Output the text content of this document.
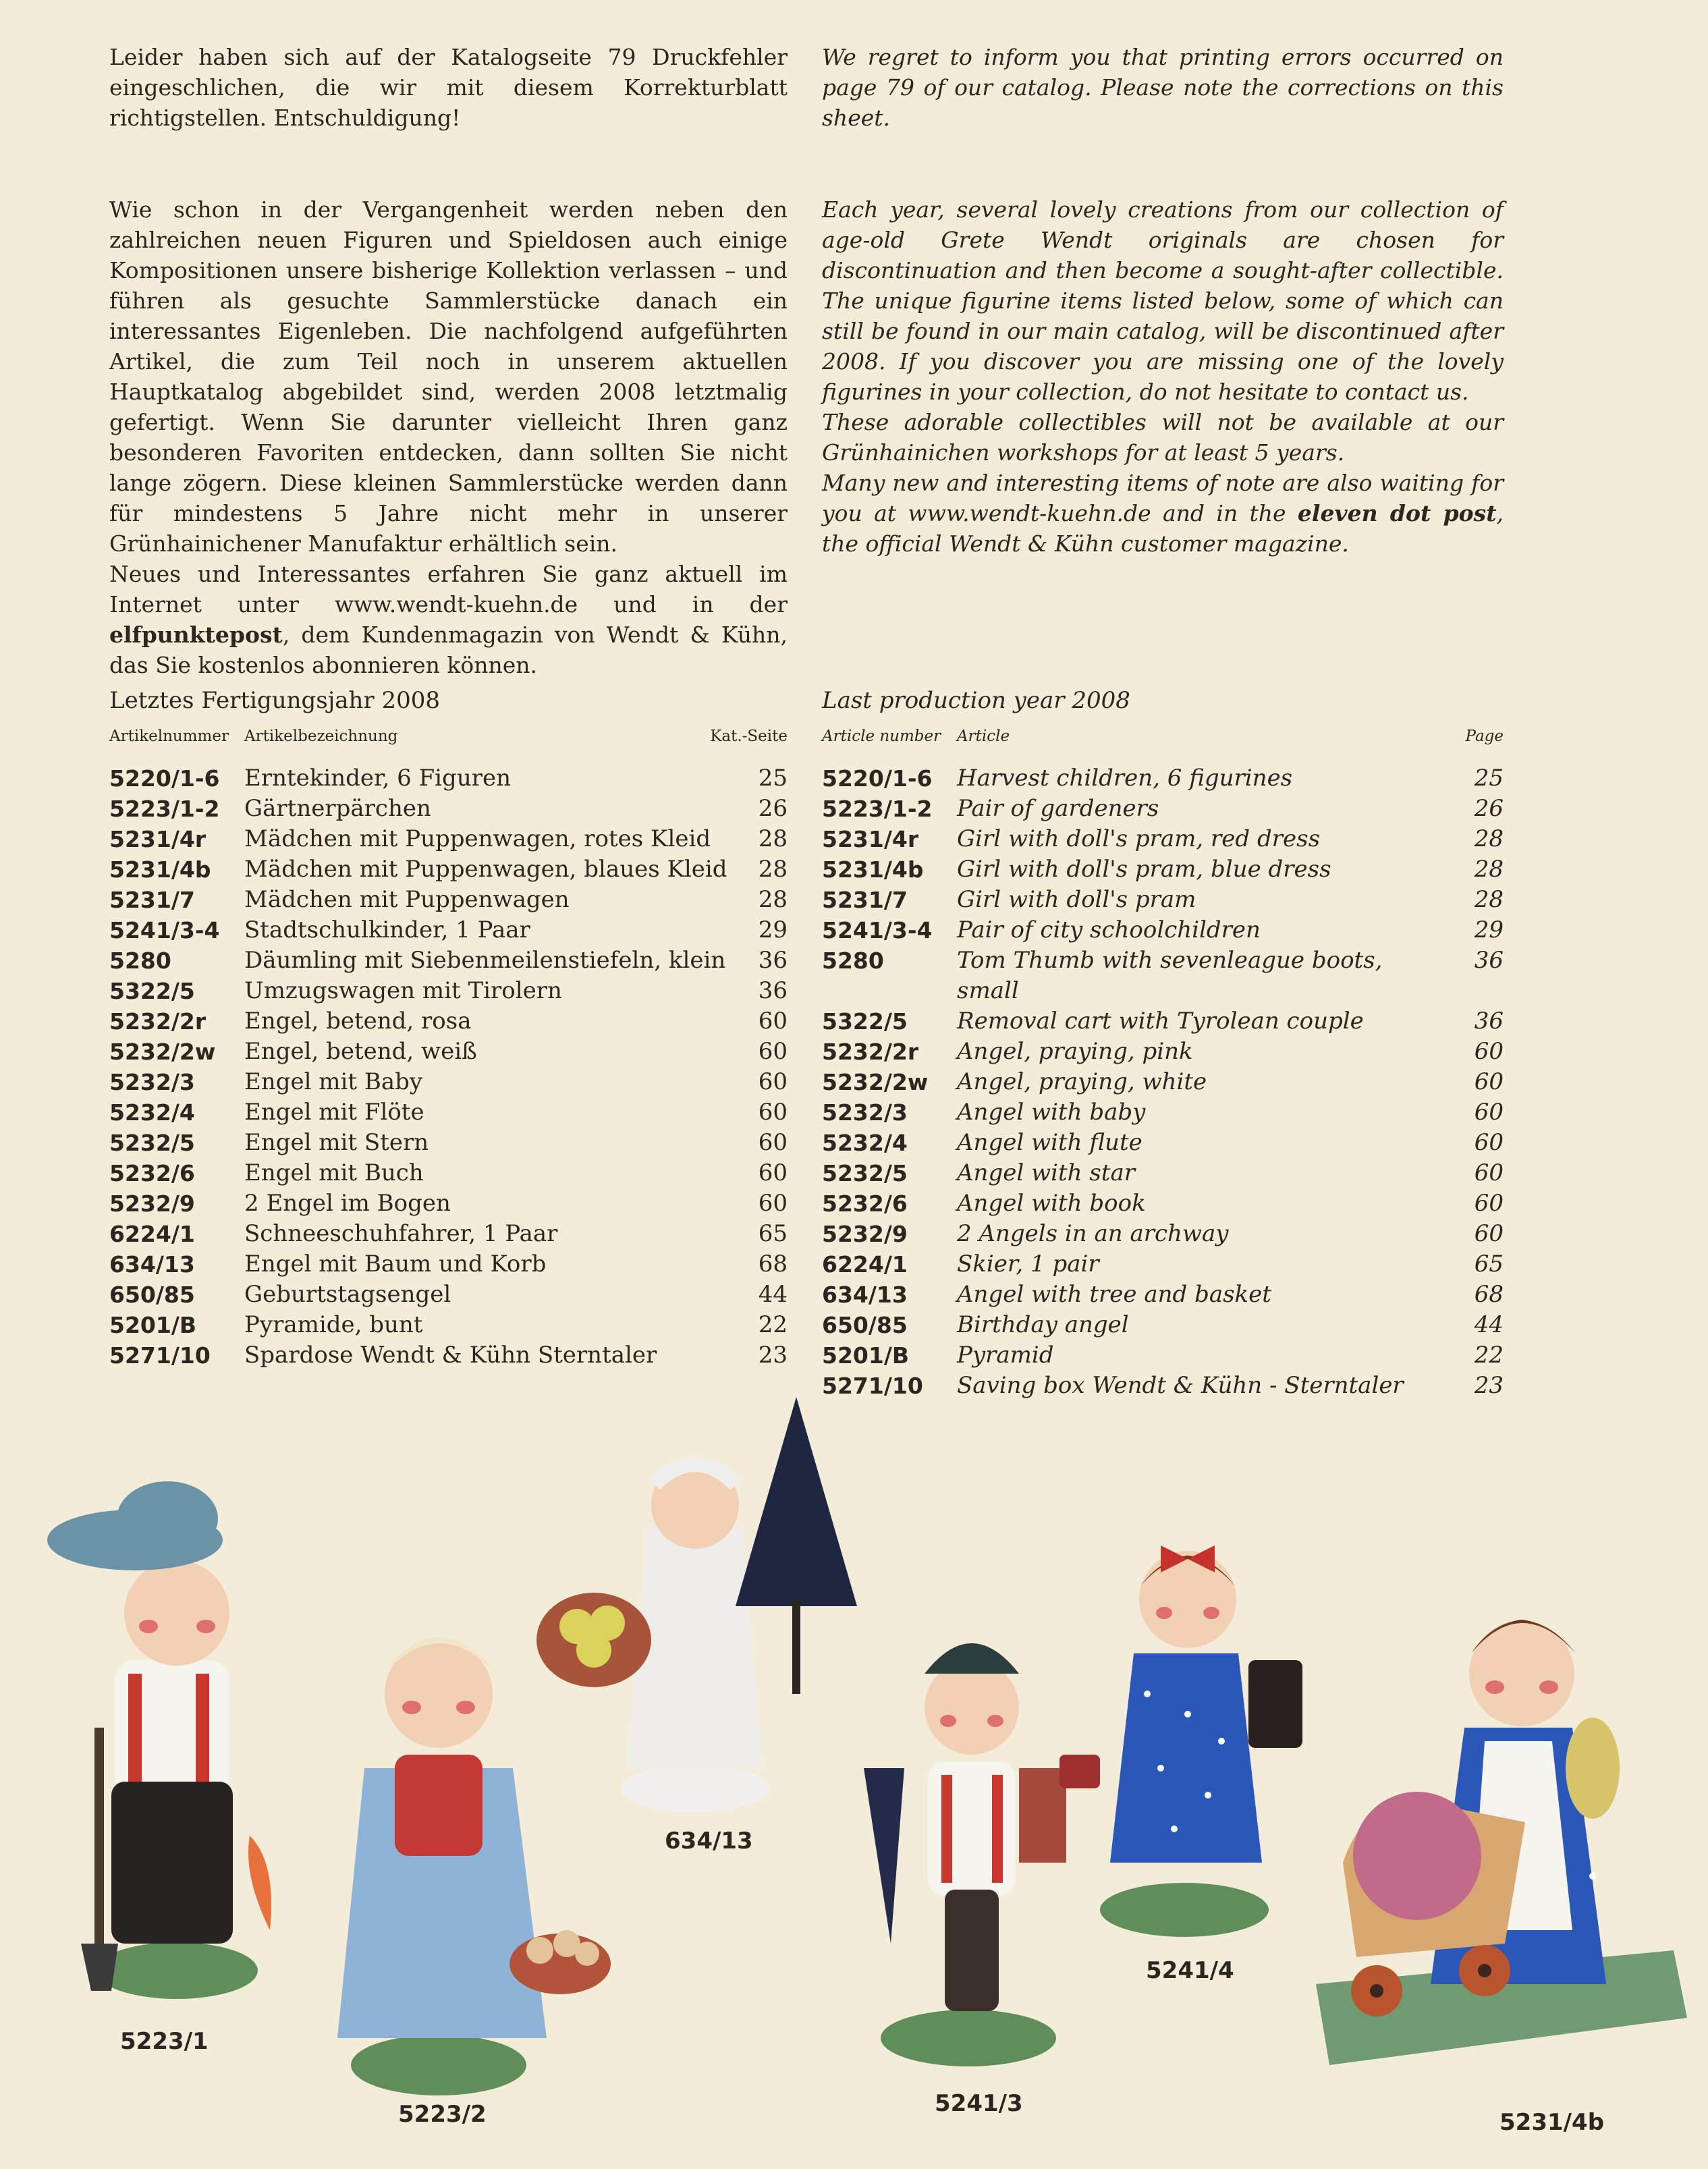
Leider haben sich auf der Katalogseite 79 Druckfehler eingeschlichen, die wir mit diesem Korrekturblatt richtigstellen. Entschuldigung!

We regret to inform you that printing errors occurred on page 79 of our catalog. Please note the corrections on this sheet.

Wie schon in der Vergangenheit werden neben den zahlreichen neuen Figuren und Spieldosen auch einige Kompositionen unsere bisherige Kollektion verlassen – und führen als gesuchte Sammlerstücke danach ein interessantes Eigenleben. Die nachfolgend aufgeführten Artikel, die zum Teil noch in unserem aktuellen Hauptkatalog abgebildet sind, werden 2008 letztmalig gefertigt. Wenn Sie darunter vielleicht Ihren ganz besonderen Favoriten entdecken, dann sollten Sie nicht lange zögern. Diese kleinen Sammlerstücke werden dann für mindestens 5 Jahre nicht mehr in unserer Grünhainichener Manufaktur erhältlich sein.

Neues und Interessantes erfahren Sie ganz aktuell im Internet unter www.wendt-kuehn.de und in der elfpunktepost, dem Kundenmagazin von Wendt & Kühn, das Sie kostenlos abonnieren können.

Each year, several lovely creations from our collection of age-old Grete Wendt originals are chosen for discontinuation and then become a sought-after collectible. The unique figurine items listed below, some of which can still be found in our main catalog, will be discontinued after 2008. If you discover you are missing one of the lovely figurines in your collection, do not hesitate to contact us.

These adorable collectibles will not be available at our Grünhainichen workshops for at least 5 years.

Many new and interesting items of note are also waiting for you at www.wendt-kuehn.de and in the eleven dot post, the official Wendt & Kühn customer magazine.

Letztes Fertigungsjahr 2008
Artikelnummer Artikelbezeichnung	Kat.-Seite
5220/1-6	Erntekinder, 6 Figuren	25
5223/1-2	Gärtnerpärchen	26
5231/4r	Mädchen mit Puppenwagen, rotes Kleid	28
5231/4b	Mädchen mit Puppenwagen, blaues Kleid	28
5231/7	Mädchen mit Puppenwagen	28
5241/3-4	Stadtschulkinder, 1 Paar	29
5280	Däumling mit Siebenmeilenstiefeln, klein	36
5322/5	Umzugswagen mit Tirolern	36
5232/2r	Engel, betend, rosa	60
5232/2w	Engel, betend, weiß	60
5232/3	Engel mit Baby	60
5232/4	Engel mit Flöte	60
5232/5	Engel mit Stern	60
5232/6	Engel mit Buch	60
5232/9	2 Engel im Bogen	60
6224/1	Schneeschuhfahrer, 1 Paar	65
634/13	Engel mit Baum und Korb	68
650/85	Geburtstagsengel	44
5201/B	Pyramide, bunt	22
5271/10	Spardose Wendt & Kühn Sterntaler	23
Last production year 2008
Article number Article	Page
5220/1-6	Harvest children, 6 figurines	25
5223/1-2	Pair of gardeners	26
5231/4r	Girl with doll's pram, red dress	28
5231/4b	Girl with doll's pram, blue dress	28
5231/7	Girl with doll's pram	28
5241/3-4	Pair of city schoolchildren	29
5280	Tom Thumb with sevenleague boots, small	36
5322/5	Removal cart with Tyrolean couple	36
5232/2r	Angel, praying, pink	60
5232/2w	Angel, praying, white	60
5232/3	Angel with baby	60
5232/4	Angel with flute	60
5232/5	Angel with star	60
5232/6	Angel with book	60
5232/9	2 Angels in an archway	60
6224/1	Skier, 1 pair	65
634/13	Angel with tree and basket	68
650/85	Birthday angel	44
5201/B	Pyramid	22
5271/10	Saving box Wendt & Kühn - Sterntaler	23
5223/1
5223/2
634/13
5241/3
5241/4
5231/4b
